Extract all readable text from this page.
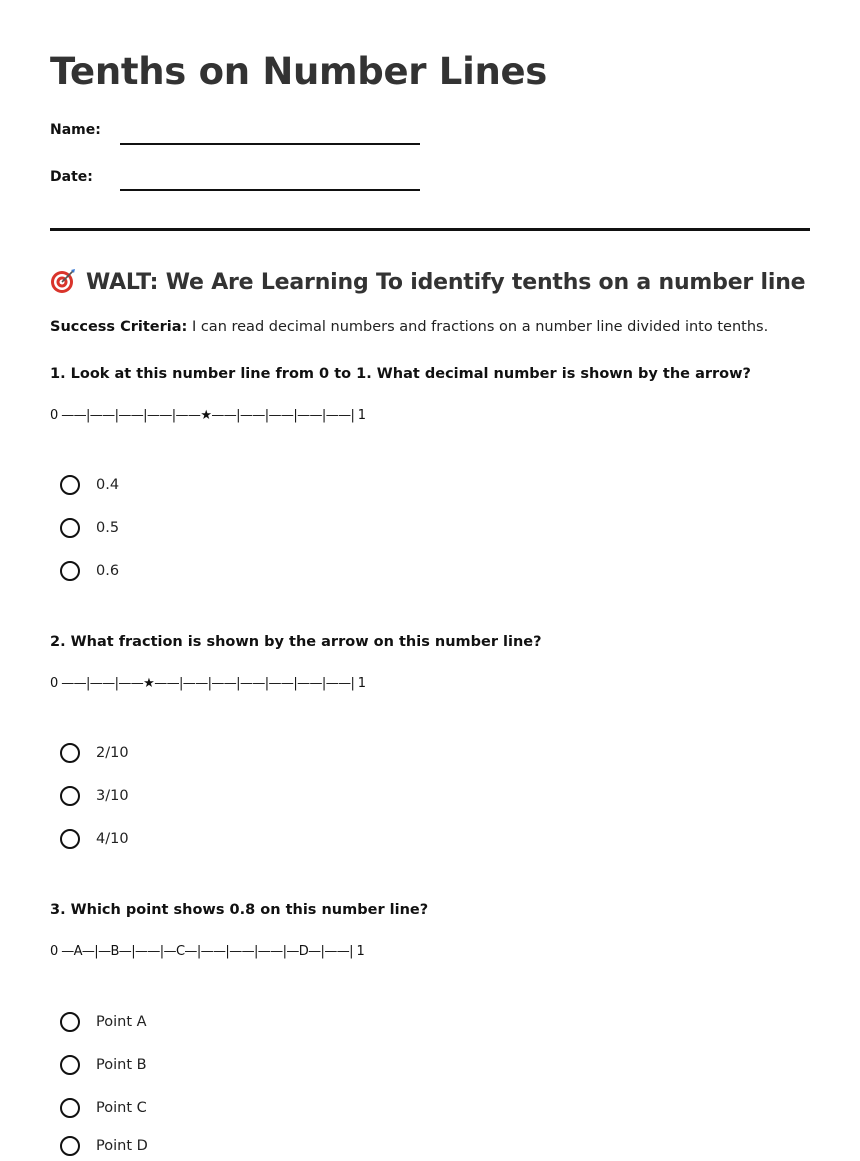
Tenths on Number Lines
Name:
Date:
WALT: We Are Learning To identify tenths on a number line
Success Criteria: I can read decimal numbers and fractions on a number line divided into tenths.
1. Look at this number line from 0 to 1. What decimal number is shown by the arrow?
0 ——|——|——|——|——★——|——|——|——|——| 1
0.4
0.5
0.6
2. What fraction is shown by the arrow on this number line?
0 ——|——|——★——|——|——|——|——|——|——| 1
2/10
3/10
4/10
3. Which point shows 0.8 on this number line?
0 —A—|—B—|——|—C—|——|——|——|—D—|——| 1
Point A
Point B
Point C
Point D
